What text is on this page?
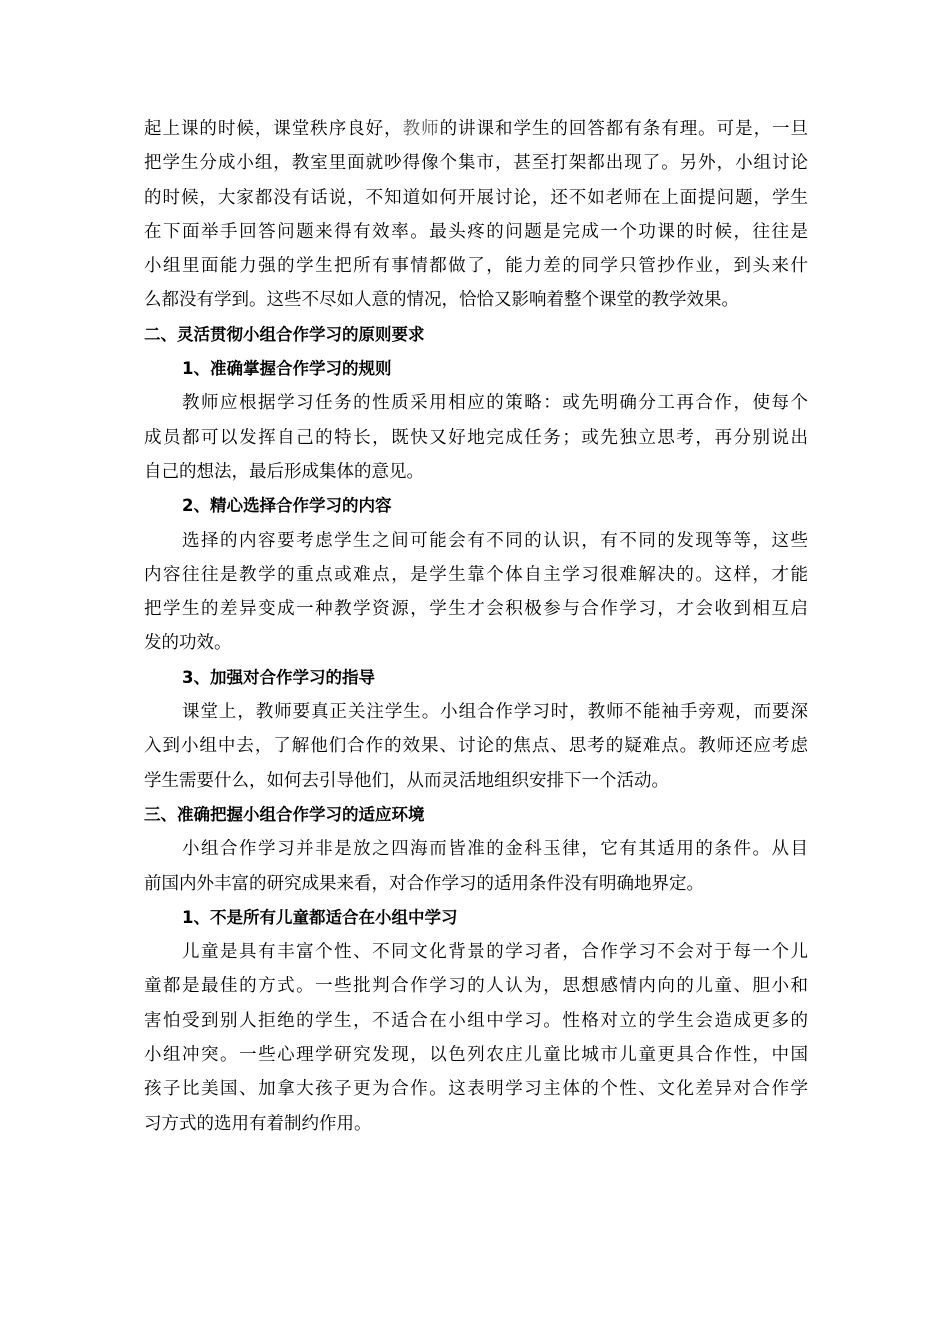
起上课的时候，课堂秩序良好，教师的讲课和学生的回答都有条有理。可是，一旦
把学生分成小组，教室里面就吵得像个集市，甚至打架都出现了。另外，小组讨论
的时候，大家都没有话说，不知道如何开展讨论，还不如老师在上面提问题，学生
在下面举手回答问题来得有效率。最头疼的问题是完成一个功课的时候，往往是
小组里面能力强的学生把所有事情都做了，能力差的同学只管抄作业，到头来什
么都没有学到。这些不尽如人意的情况，恰恰又影响着整个课堂的教学效果。
二、灵活贯彻小组合作学习的原则要求
1、准确掌握合作学习的规则
教师应根据学习任务的性质采用相应的策略：或先明确分工再合作，使每个
成员都可以发挥自己的特长，既快又好地完成任务；或先独立思考，再分别说出
自己的想法，最后形成集体的意见。
2、精心选择合作学习的内容
选择的内容要考虑学生之间可能会有不同的认识，有不同的发现等等，这些
内容往往是教学的重点或难点，是学生靠个体自主学习很难解决的。这样，才能
把学生的差异变成一种教学资源，学生才会积极参与合作学习，才会收到相互启
发的功效。
3、加强对合作学习的指导
课堂上，教师要真正关注学生。小组合作学习时，教师不能袖手旁观，而要深
入到小组中去，了解他们合作的效果、讨论的焦点、思考的疑难点。教师还应考虑
学生需要什么，如何去引导他们，从而灵活地组织安排下一个活动。
三、准确把握小组合作学习的适应环境
小组合作学习并非是放之四海而皆准的金科玉律，它有其适用的条件。从目
前国内外丰富的研究成果来看，对合作学习的适用条件没有明确地界定。
1、不是所有儿童都适合在小组中学习
儿童是具有丰富个性、不同文化背景的学习者，合作学习不会对于每一个儿
童都是最佳的方式。一些批判合作学习的人认为，思想感情内向的儿童、胆小和
害怕受到别人拒绝的学生，不适合在小组中学习。性格对立的学生会造成更多的
小组冲突。一些心理学研究发现，以色列农庄儿童比城市儿童更具合作性，中国
孩子比美国、加拿大孩子更为合作。这表明学习主体的个性、文化差异对合作学
习方式的选用有着制约作用。
